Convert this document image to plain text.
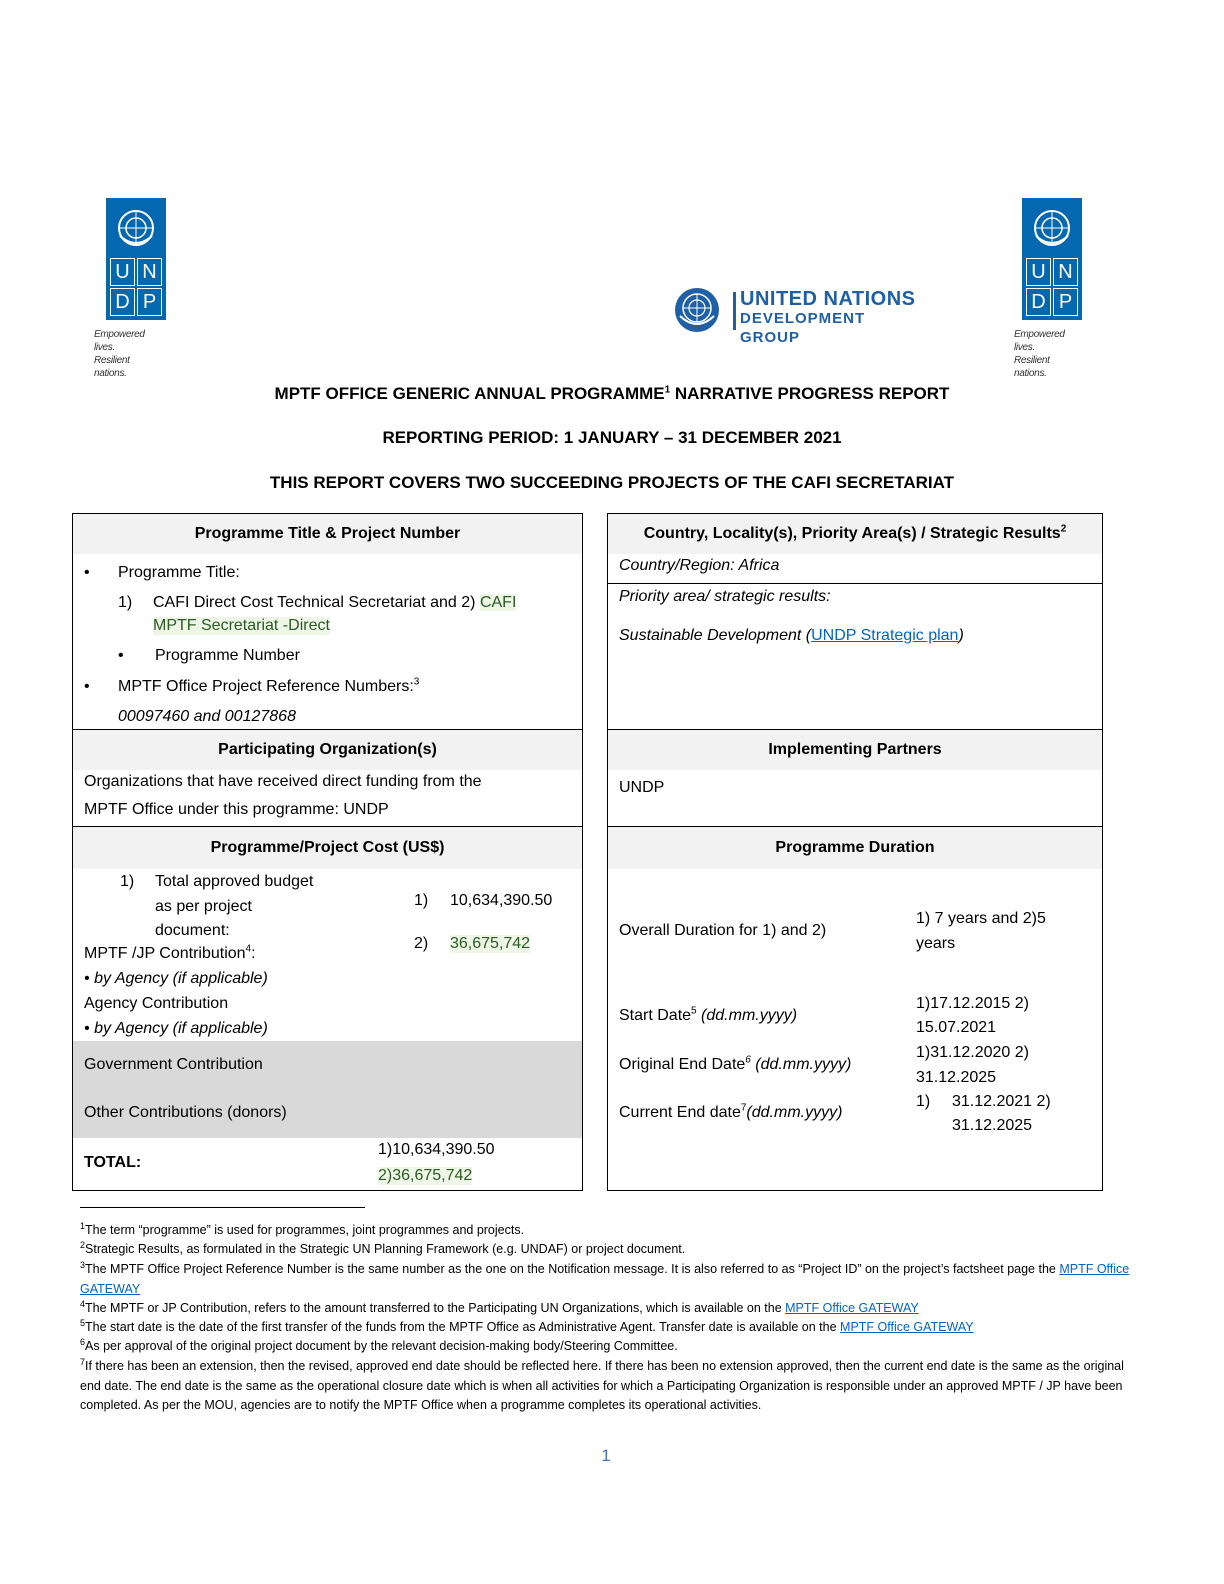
U N
D P
Empowered lives.
Resilient nations.
U N
D P
Empowered lives.
Resilient nations.
UNITED NATIONS
DEVELOPMENT GROUP
MPTF OFFICE GENERIC ANNUAL PROGRAMME$^1$ NARRATIVE PROGRESS REPORT
REPORTING PERIOD: 1 JANUARY – 31 DECEMBER 2021
THIS REPORT COVERS TWO SUCCEEDING PROJECTS OF THE CAFI SECRETARIAT
Programme Title & Project Number
• Programme Title:
1) CAFI Direct Cost Technical Secretariat and 2) CAFI
MPTF Secretariat -Direct
• Programme Number
• MPTF Office Project Reference Numbers:$^3$
00097460 and 00127868
Participating Organization(s)
Organizations that have received direct funding from the
MPTF Office under this programme: UNDP
Programme/Project Cost (US$)
1) Total approved budget
as per project
document:
MPTF /JP Contribution$^4$:
• by Agency (if applicable)
Agency Contribution
• by Agency (if applicable)
1) 10,634,390.50
2) 36,675,742
Government Contribution
Other Contributions (donors)
TOTAL:
1)10,634,390.50
2)36,675,742
Country, Locality(s), Priority Area(s) / Strategic Results$^2$
Country/Region: Africa
Priority area/ strategic results:
Sustainable Development (UNDP Strategic plan)
Implementing Partners
UNDP
Programme Duration
Overall Duration for 1) and 2)
1) 7 years and 2)5
years
Start Date$^5$ (dd.mm.yyyy)
1)17.12.2015 2)
15.07.2021
Original End Date$^6$ (dd.mm.yyyy)
1)31.12.2020 2)
31.12.2025
Current End date$^7$(dd.mm.yyyy)
1) 31.12.2021 2)
31.12.2025
$^1$The term “programme” is used for programmes, joint programmes and projects.
$^2$Strategic Results, as formulated in the Strategic UN Planning Framework (e.g. UNDAF) or project document.
$^3$The MPTF Office Project Reference Number is the same number as the one on the Notification message. It is also referred to as “Project ID” on the project’s factsheet page the MPTF Office GATEWAY
$^4$The MPTF or JP Contribution, refers to the amount transferred to the Participating UN Organizations, which is available on the MPTF Office GATEWAY
$^5$The start date is the date of the first transfer of the funds from the MPTF Office as Administrative Agent. Transfer date is available on the MPTF Office GATEWAY
$^6$As per approval of the original project document by the relevant decision-making body/Steering Committee.
$^7$If there has been an extension, then the revised, approved end date should be reflected here. If there has been no extension approved, then the current end date is the same as the original end date. The end date is the same as the operational closure date which is when all activities for which a Participating Organization is responsible under an approved MPTF / JP have been completed. As per the MOU, agencies are to notify the MPTF Office when a programme completes its operational activities.
1
